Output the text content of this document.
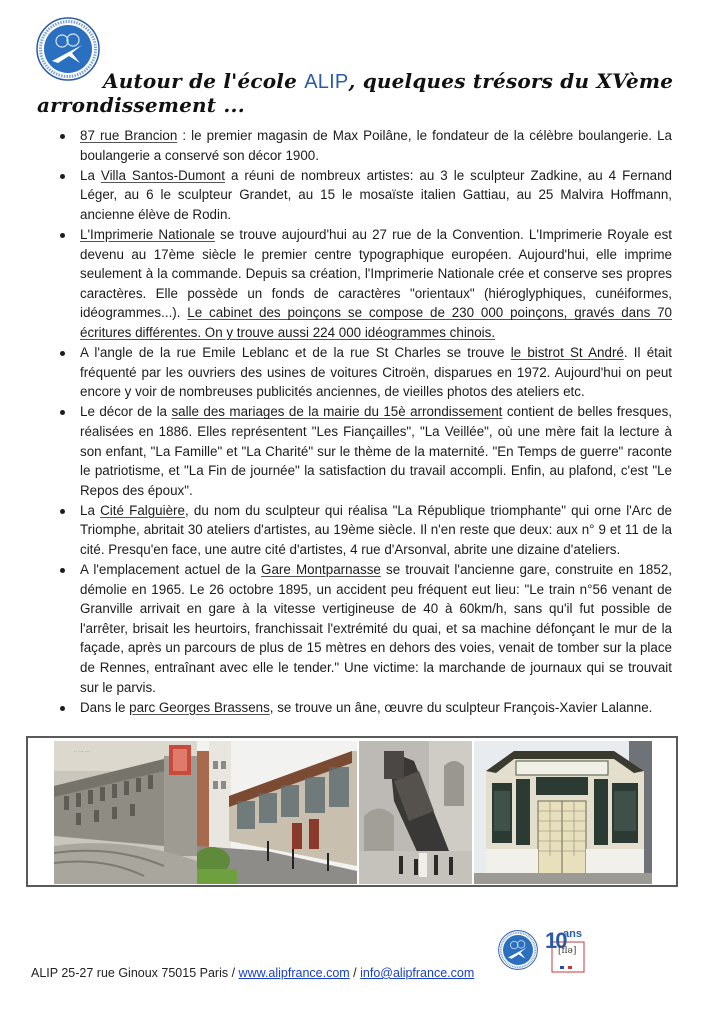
Autour de l'école ALIP, quelques trésors du XVème
arrondissement ...
87 rue Brancion : le premier magasin de Max Poilâne, le fondateur de la célèbre boulangerie. La boulangerie a conservé son décor 1900.
La Villa Santos-Dumont a réuni de nombreux artistes: au 3 le sculpteur Zadkine, au 4 Fernand Léger, au 6 le sculpteur Grandet, au 15 le mosaïste italien Gattiau, au 25 Malvira Hoffmann, ancienne élève de Rodin.
L'Imprimerie Nationale se trouve aujourd'hui au 27 rue de la Convention. L'Imprimerie Royale est devenu au 17ème siècle le premier centre typographique européen. Aujourd'hui, elle imprime seulement à la commande. Depuis sa création, l'Imprimerie Nationale crée et conserve ses propres caractères. Elle possède un fonds de caractères "orientaux" (hiéroglyphiques, cunéiformes, idéogrammes...). Le cabinet des poinçons se compose de 230 000 poinçons, gravés dans 70 écritures différentes. On y trouve aussi 224 000 idéogrammes chinois.
A l'angle de la rue Emile Leblanc et de la rue St Charles se trouve le bistrot St André. Il était fréquenté par les ouvriers des usines de voitures Citroën, disparues en 1972. Aujourd'hui on peut encore y voir de nombreuses publicités anciennes, de vieilles photos des ateliers etc.
Le décor de la salle des mariages de la mairie du 15è arrondissement contient de belles fresques, réalisées en 1886. Elles représentent "Les Fiançailles", "La Veillée", où une mère fait la lecture à son enfant, "La Famille" et "La Charité" sur le thème de la maternité. "En Temps de guerre" raconte le patriotisme, et "La Fin de journée" la satisfaction du travail accompli. Enfin, au plafond, c'est "Le Repos des époux".
La Cité Falguière, du nom du sculpteur qui réalisa "La République triomphante" qui orne l'Arc de Triomphe, abritait 30 ateliers d'artistes, au 19ème siècle. Il n'en reste que deux: aux n° 9 et 11 de la cité. Presqu'en face, une autre cité d'artistes, 4 rue d'Arsonval, abrite une dizaine d'ateliers.
A l'emplacement actuel de la Gare Montparnasse se trouvait l'ancienne gare, construite en 1852, démolie en 1965. Le 26 octobre 1895, un accident peu fréquent eut lieu: "Le train n°56 venant de Granville arrivait en gare à la vitesse vertigineuse de 40 à 60km/h, sans qu'il fut possible de l'arrêter, brisait les heurtoirs, franchissait l'extrémité du quai, et sa machine défonçant le mur de la façade, après un parcours de plus de 15 mètres en dehors des voies, venait de tomber sur la place de Rennes, entraînant avec elle le tender." Une victime: la marchande de journaux qui se trouvait sur le parvis.
Dans le parc Georges Brassens, se trouve un âne, œuvre du sculpteur François-Xavier Lalanne.
·· ··· ···
ALIP 25-27 rue Ginoux 75015 Paris / www.alipfrance.com / info@alipfrance.com
10
ans
[flə]
